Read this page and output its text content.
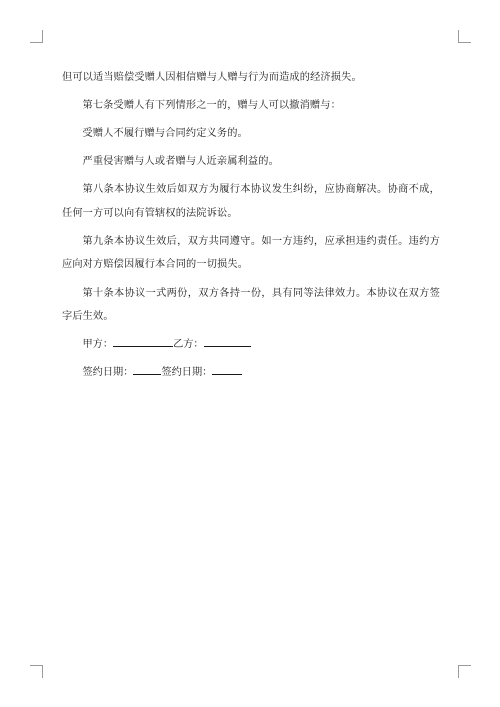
但可以适当赔偿受赠人因相信赠与人赠与行为而造成的经济损失。

第七条受赠人有下列情形之一的，赠与人可以撤消赠与：

受赠人不履行赠与合同约定义务的。

严重侵害赠与人或者赠与人近亲属利益的。

第八条本协议生效后如双方为履行本协议发生纠纷，应协商解决。协商不成，任何一方可以向有管辖权的法院诉讼。

第九条本协议生效后，双方共同遵守。如一方违约，应承担违约责任。违约方应向对方赔偿因履行本合同的一切损失。

第十条本协议一式两份，双方各持一份，具有同等法律效力。本协议在双方签字后生效。

甲方：	乙方：
签约日期：	签约日期：
